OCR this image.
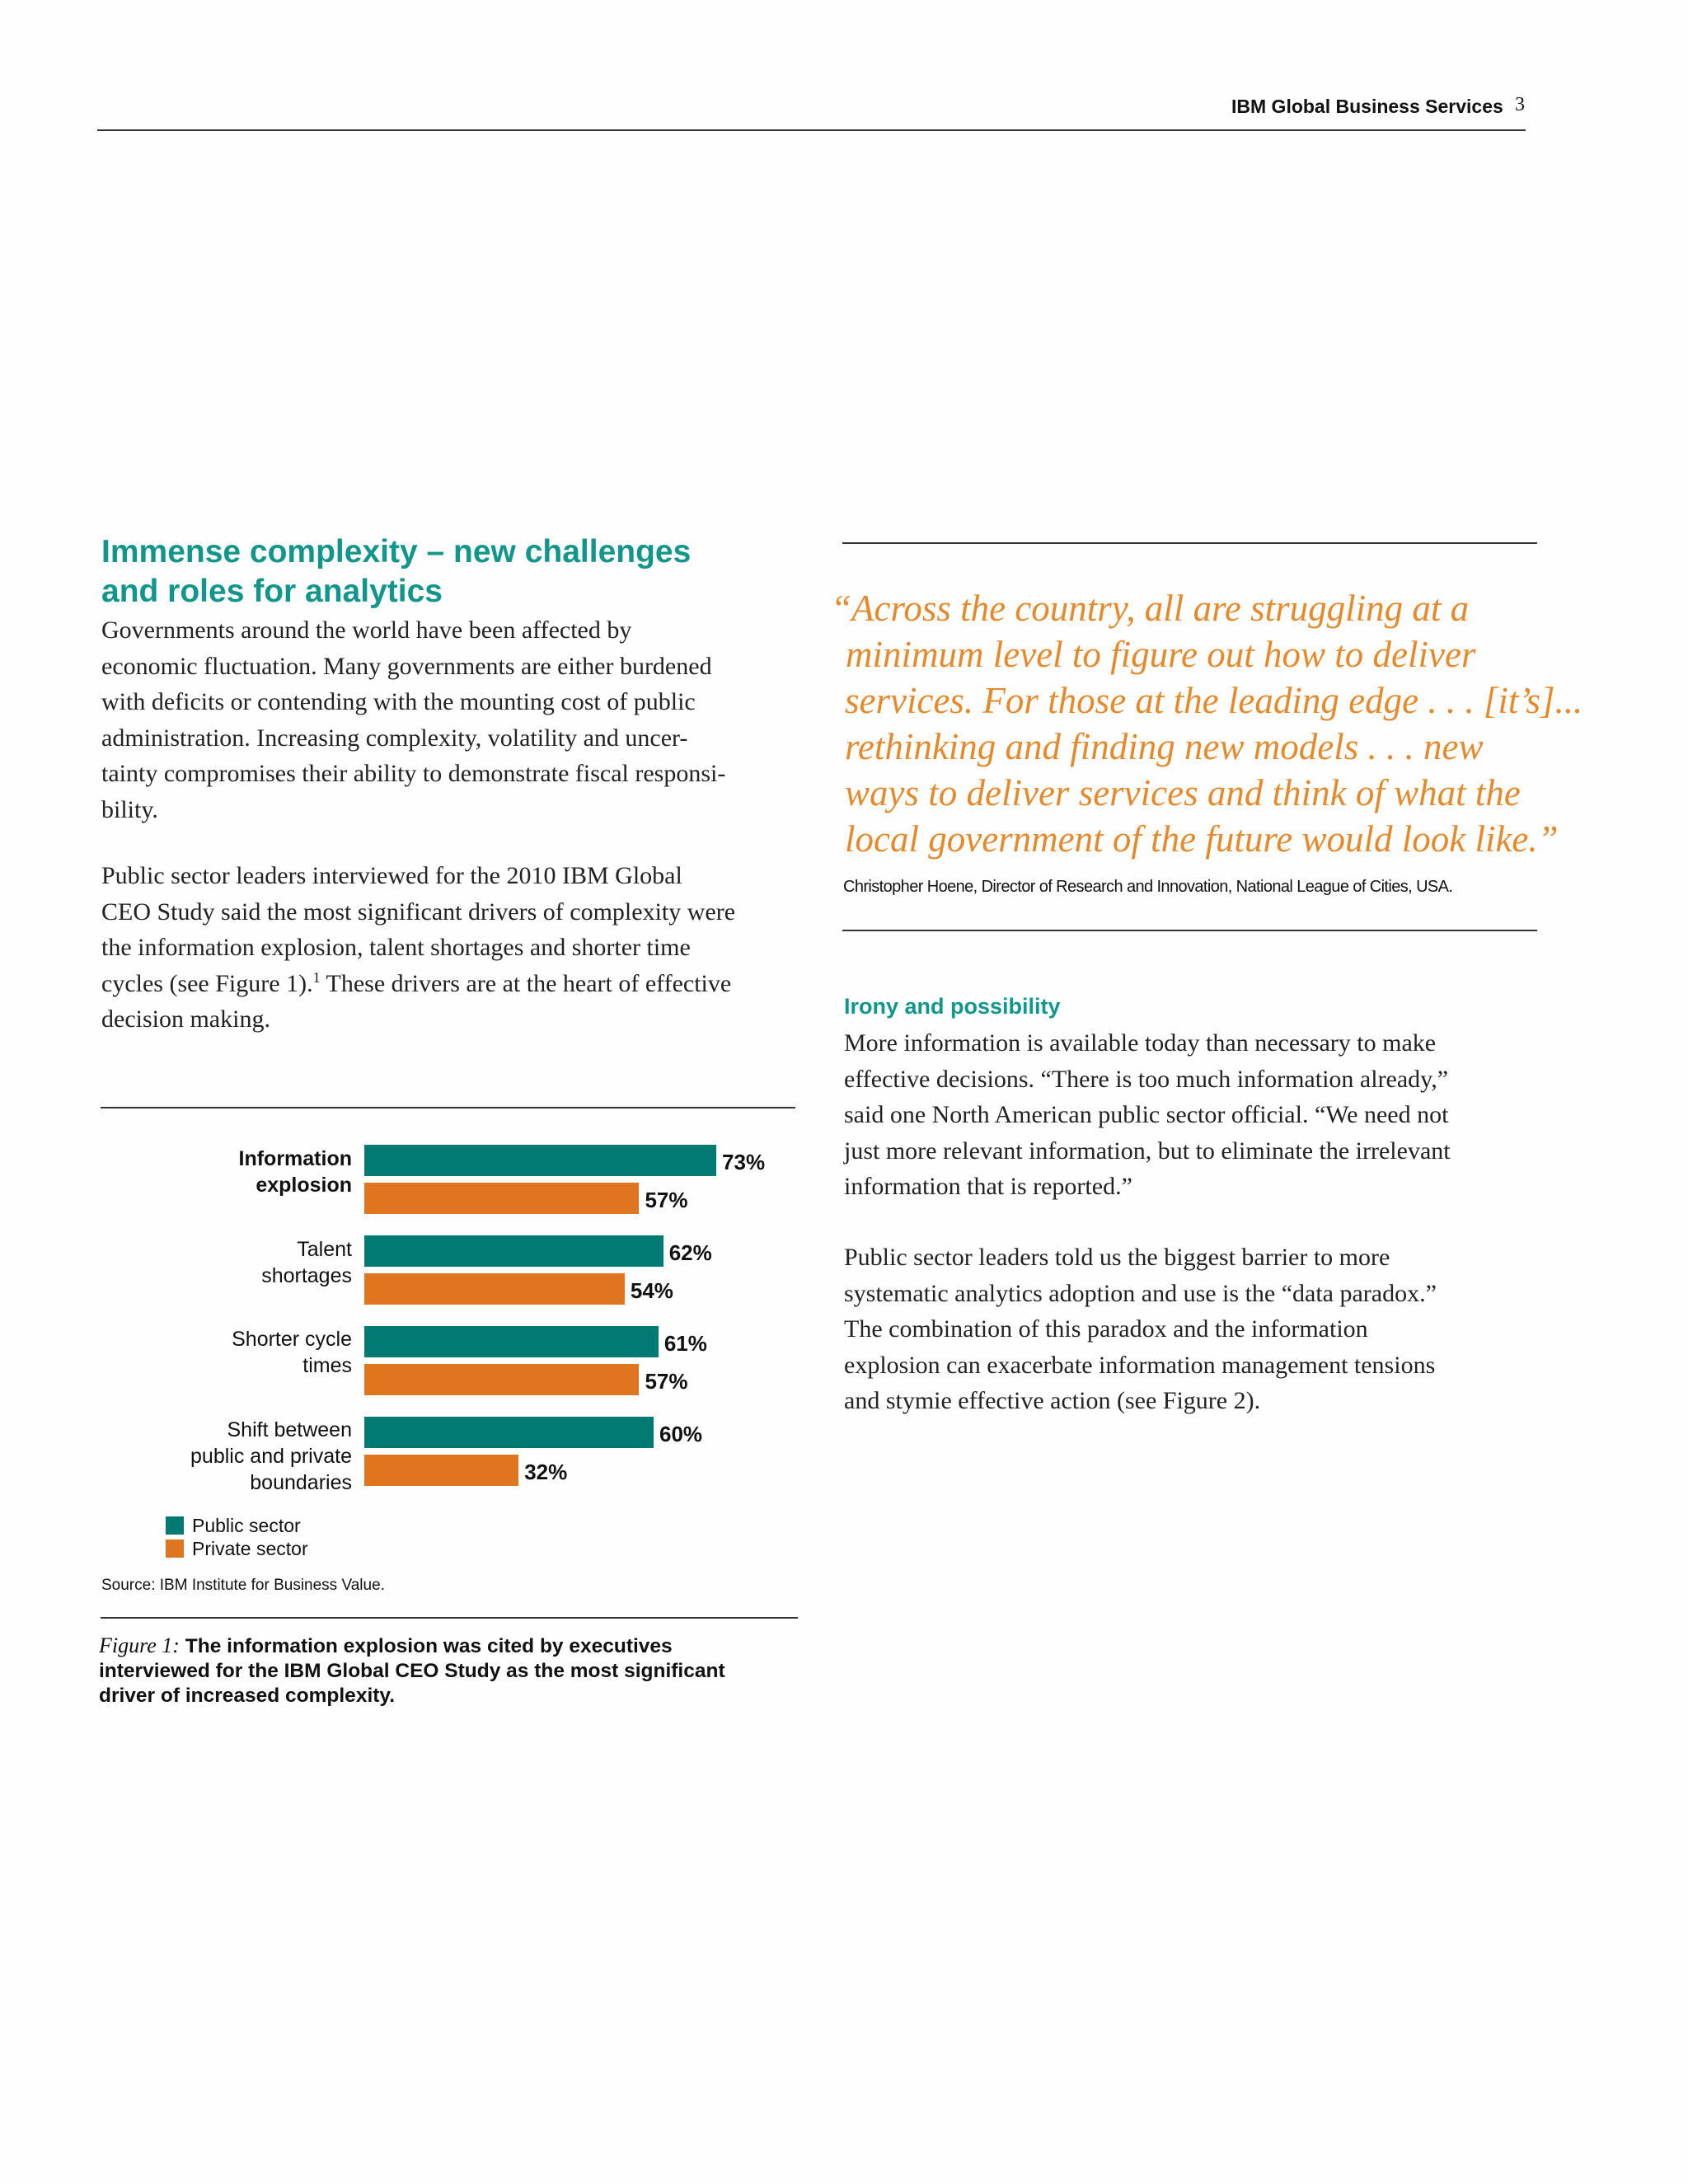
IBM Global Business Services 3
Immense complexity – new challenges
and roles for analytics
Governments around the world have been affected by
economic fluctuation. Many governments are either burdened
with deficits or contending with the mounting cost of public
administration. Increasing complexity, volatility and uncer-
tainty compromises their ability to demonstrate fiscal responsi-
bility.
Public sector leaders interviewed for the 2010 IBM Global
CEO Study said the most significant drivers of complexity were
the information explosion, talent shortages and shorter time
cycles (see Figure 1).$^1$ These drivers are at the heart of effective
decision making.
Information
explosion
Talent
shortages
Shorter cycle
times
Shift between
public and private
boundaries
73%
62%
61%
60%
57%
54%
57%
32%
Public sector
Private sector
Source: IBM Institute for Business Value.
Figure 1: The information explosion was cited by executives
interviewed for the IBM Global CEO Study as the most significant
driver of increased complexity.
“Across the country, all are struggling at a
minimum level to figure out how to deliver
services. For those at the leading edge . . . [it’s]...
rethinking and finding new models . . . new
ways to deliver services and think of what the
local government of the future would look like.”
Christopher Hoene, Director of Research and Innovation, National League of Cities, USA.
Irony and possibility
More information is available today than necessary to make
effective decisions. “There is too much information already,”
said one North American public sector official. “We need not
just more relevant information, but to eliminate the irrelevant
information that is reported.”
Public sector leaders told us the biggest barrier to more
systematic analytics adoption and use is the “data paradox.”
The combination of this paradox and the information
explosion can exacerbate information management tensions
and stymie effective action (see Figure 2).
